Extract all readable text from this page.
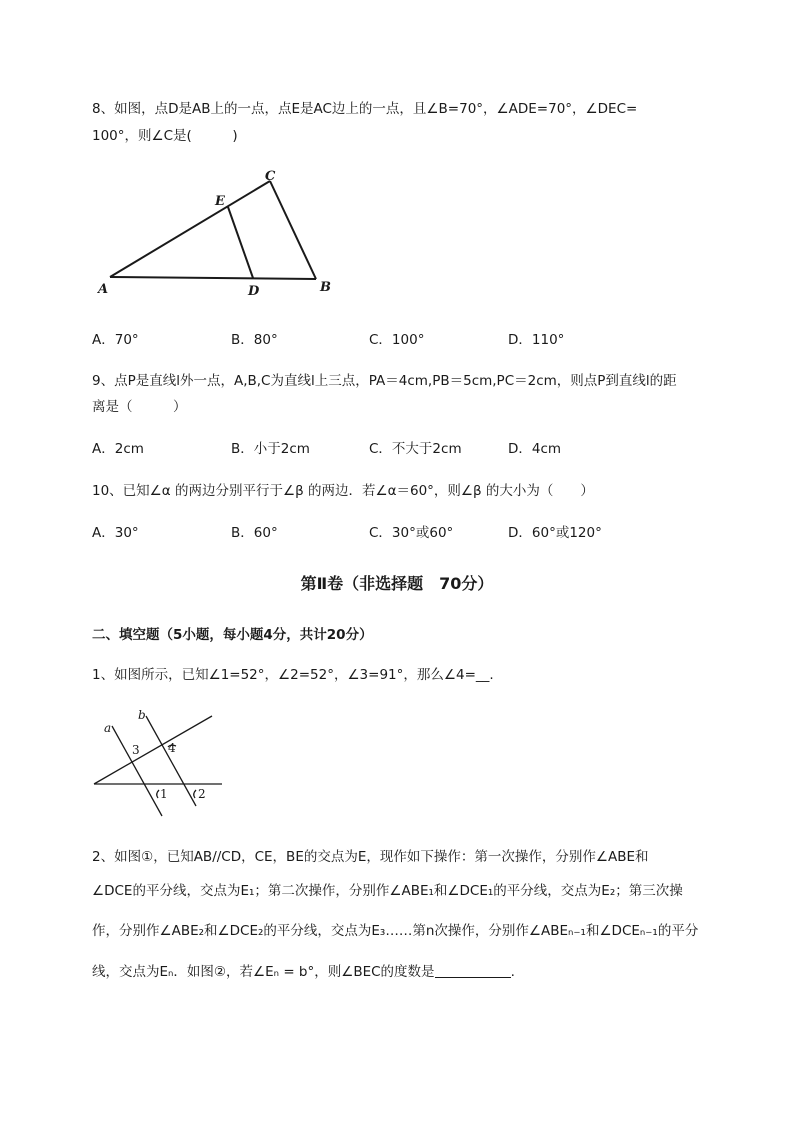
8、如图，点D是AB上的一点，点E是AC边上的一点，且∠B=70°，∠ADE=70°，∠DEC=
100°，则∠C是(　　　)
A	B
C
D
E
A．70°	B．80°	C．100°	D．110°
9、点P是直线l外一点，A,B,C为直线l上三点，PA＝4cm,PB＝5cm,PC＝2cm，则点P到直线l的距
离是（　　　）
A．2cm	B．小于2cm	C．不大于2cm	D．4cm
10、已知∠α 的两边分别平行于∠β 的两边．若∠α＝60°，则∠β 的大小为（　　）
A．30°	B．60°	C．30°或60°	D．60°或120°
第Ⅱ卷（非选择题　70分）
二、填空题（5小题，每小题4分，共计20分）
1、如图所示，已知∠1=52°，∠2=52°，∠3=91°，那么∠4=__.
a
b
1	2
3 4
2、如图①，已知AB//CD，CE，BE的交点为E，现作如下操作：第一次操作，分别作∠ABE和
∠DCE的平分线，交点为E₁；第二次操作，分别作∠ABE₁和∠DCE₁的平分线，交点为E₂；第三次操
作，分别作∠ABE₂和∠DCE₂的平分线，交点为E₃……第n次操作，分别作∠ABEₙ₋₁和∠DCEₙ₋₁的平分
线，交点为Eₙ．如图②，若∠Eₙ = b°，则∠BEC的度数是	.
